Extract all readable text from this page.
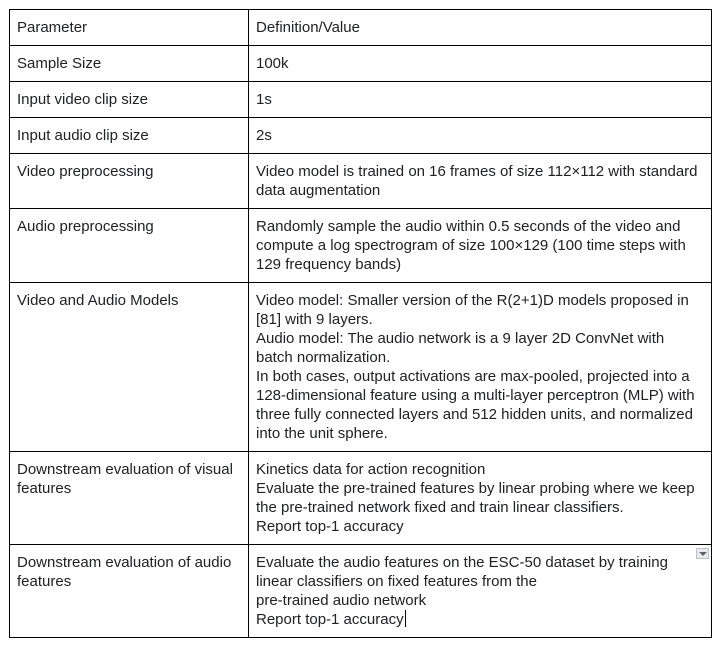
Parameter	Definition/Value
Sample Size	100k

Input video clip size	1s

Input audio clip size	2s

Video preprocessing	Video model is trained on 16 frames of size 112×112 with standard data augmentation

Audio preprocessing	Randomly sample the audio within 0.5 seconds of the video and compute a log spectrogram of size 100×129 (100 time steps with 129 frequency bands)

Video and Audio Models	Video model: Smaller version of the R(2+1)D models proposed in [81] with 9 layers.
Audio model: The audio network is a 9 layer 2D ConvNet with batch normalization.
In both cases, output activations are max-pooled, projected into a 128-dimensional feature using a multi-layer perceptron (MLP) with three fully connected layers and 512 hidden units, and normalized into the unit sphere.

Downstream evaluation of visual features	Kinetics data for action recognition
Evaluate the pre-trained features by linear probing where we keep the pre-trained network fixed and train linear classifiers.
Report top-1 accuracy

Downstream evaluation of audio features	Evaluate the audio features on the ESC-50 dataset by training linear classifiers on fixed features from the
pre-trained audio network
Report top-1 accuracy
